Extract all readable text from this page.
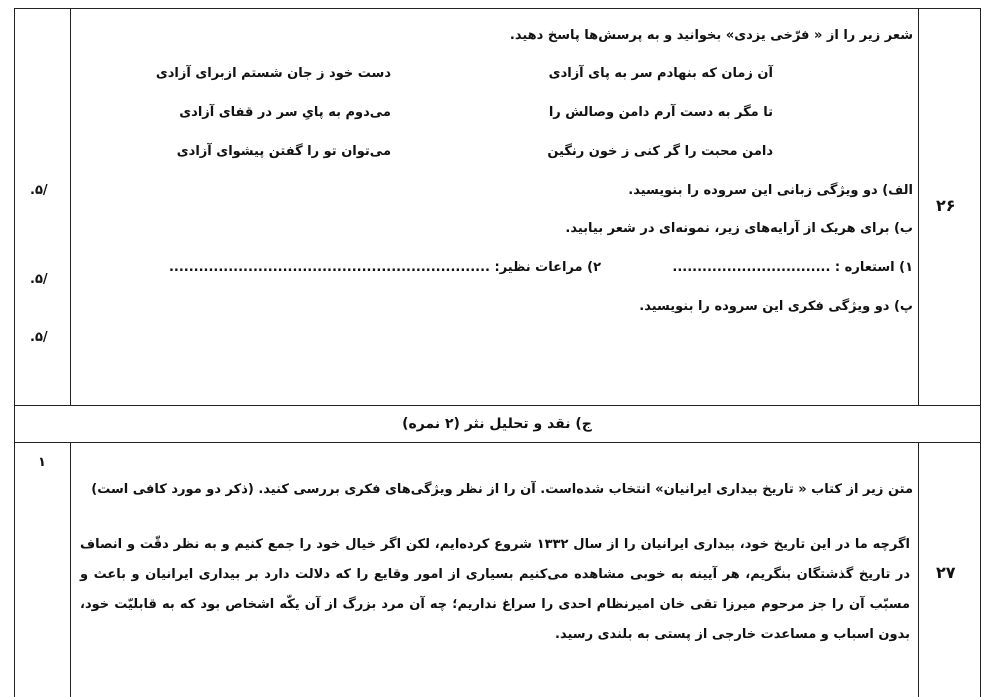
۲۶
شعر زیر را از « فرّخی یزدی» بخوانید و به پرسش‌ها پاسخ دهید.
آن زمان که بنهادم سر به پای آزادی
دست خود ز جان شستم ازبرای آزادی
تا مگر به دست آرم دامن وصالش را
می‌دوم به پایِ سر در قفای آزادی
دامن محبت را گر کنی ز خون رنگین
می‌توان تو را گفتن پیشوای آزادی
الف) دو ویژگی زبانی این سروده را بنویسید.
ب) برای هریک از آرایه‌های زیر، نمونه‌ای در شعر بیابید.
۱) استعاره : ................................
۲) مراعات نظیر: .................................................................
پ) دو ویژگی فکری این سروده را بنویسید.
.۵/
.۵/
.۵/
ج) نقد و تحلیل نثر (۲ نمره)
۱
۲۷
متن زیر از کتاب « تاریخ بیداری ایرانیان» انتخاب شده‌است. آن را از نظر ویژگی‌های فکری بررسی کنید. (ذکر دو مورد کافی است)
اگرچه ما در این تاریخ خود، بیداری ایرانیان را از سال ۱۳۳۲ شروع کرده‌ایم، لکن اگر خیال خود را جمع کنیم و به نظر دقّت و انصاف در تاریخ گذشتگان بنگریم، هر آیینه به خوبی مشاهده می‌کنیم بسیاری از امور وقایع را که دلالت دارد بر بیداری ایرانیان و باعث و مسبّب آن را جز مرحوم میرزا تقی خان امیرنظام احدی را سراغ نداریم؛ چه آن مرد بزرگ از آن یکّه اشخاص بود که به قابلیّت خود، بدون اسباب و مساعدت خارجی از پستی به بلندی رسید.
